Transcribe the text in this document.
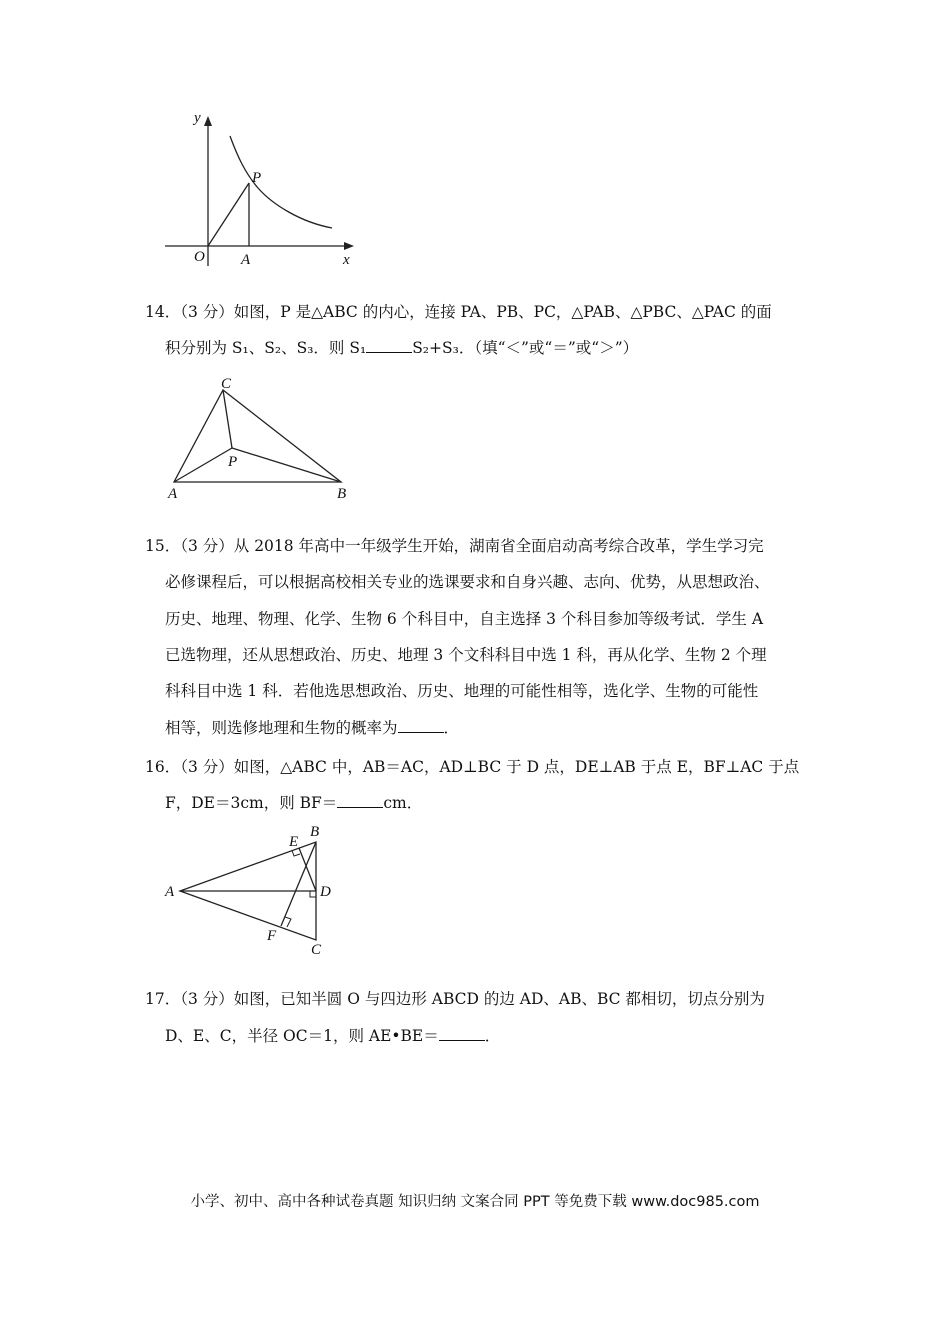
y
P
O A	x
14．（3 分）如图，P 是△ABC 的内心，连接 PA、PB、PC，△PAB、△PBC、△PAC 的面
积分别为 S₁、S₂、S₃．则 S₁	S₂+S₃．（填“＜”或“＝”或“＞”）
C
P
A	B
15．（3 分）从 2018 年高中一年级学生开始，湖南省全面启动高考综合改革，学生学习完
必修课程后，可以根据高校相关专业的选课要求和自身兴趣、志向、优势，从思想政治、
历史、地理、物理、化学、生物 6 个科目中，自主选择 3 个科目参加等级考试．学生 A
已选物理，还从思想政治、历史、地理 3 个文科科目中选 1 科，再从化学、生物 2 个理
科科目中选 1 科．若他选思想政治、历史、地理的可能性相等，选化学、生物的可能性
相等，则选修地理和生物的概率为	．
16．（3 分）如图，△ABC 中，AB＝AC，AD⊥BC 于 D 点，DE⊥AB 于点 E，BF⊥AC 于点
F，DE＝3cm，则 BF＝	cm．
E
B
A	D
F
C
17．（3 分）如图，已知半圆 O 与四边形 ABCD 的边 AD、AB、BC 都相切，切点分别为
D、E、C，半径 OC＝1，则 AE•BE＝	．
小学、初中、高中各种试卷真题 知识归纳 文案合同 PPT 等免费下载 www.doc985.com
